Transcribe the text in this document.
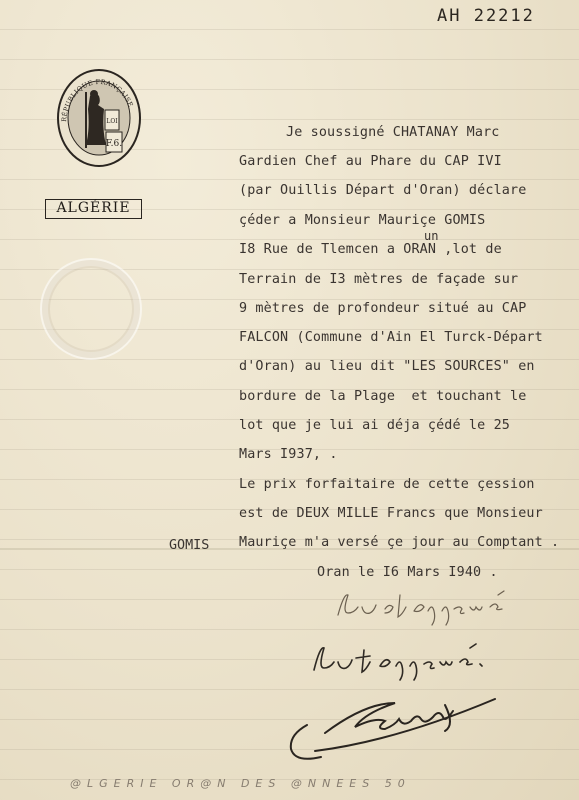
AH 22212
LOI
F.6.
RÉPUBLIQUE FRANÇAISE
ALGÉRIE
Je soussigné CHATANAY Marc
Gardien Chef au Phare du CAP IVI
(par Ouillis Départ d'Oran) déclare
çéder a Monsieur Mauriçe GOMIS
un
I8 Rue de Tlemcen a ORAN ,lot de
Terrain de I3 mètres de façade sur
9 mètres de profondeur situé au CAP
FALCON (Commune d'Ain El Turck-Départ
d'Oran) au lieu dit "LES SOURCES" en
bordure de la Plage  et touchant le
lot que je lui ai déja çédé le 25
Mars I937, .
Le prix forfaitaire de cette çession
est de DEUX MILLE Francs que Monsieur
Mauriçe m'a versé çe jour au Comptant .
Oran le I6 Mars I940 .
GOMIS
@LGERIE OR@N DES @NNEES 50
